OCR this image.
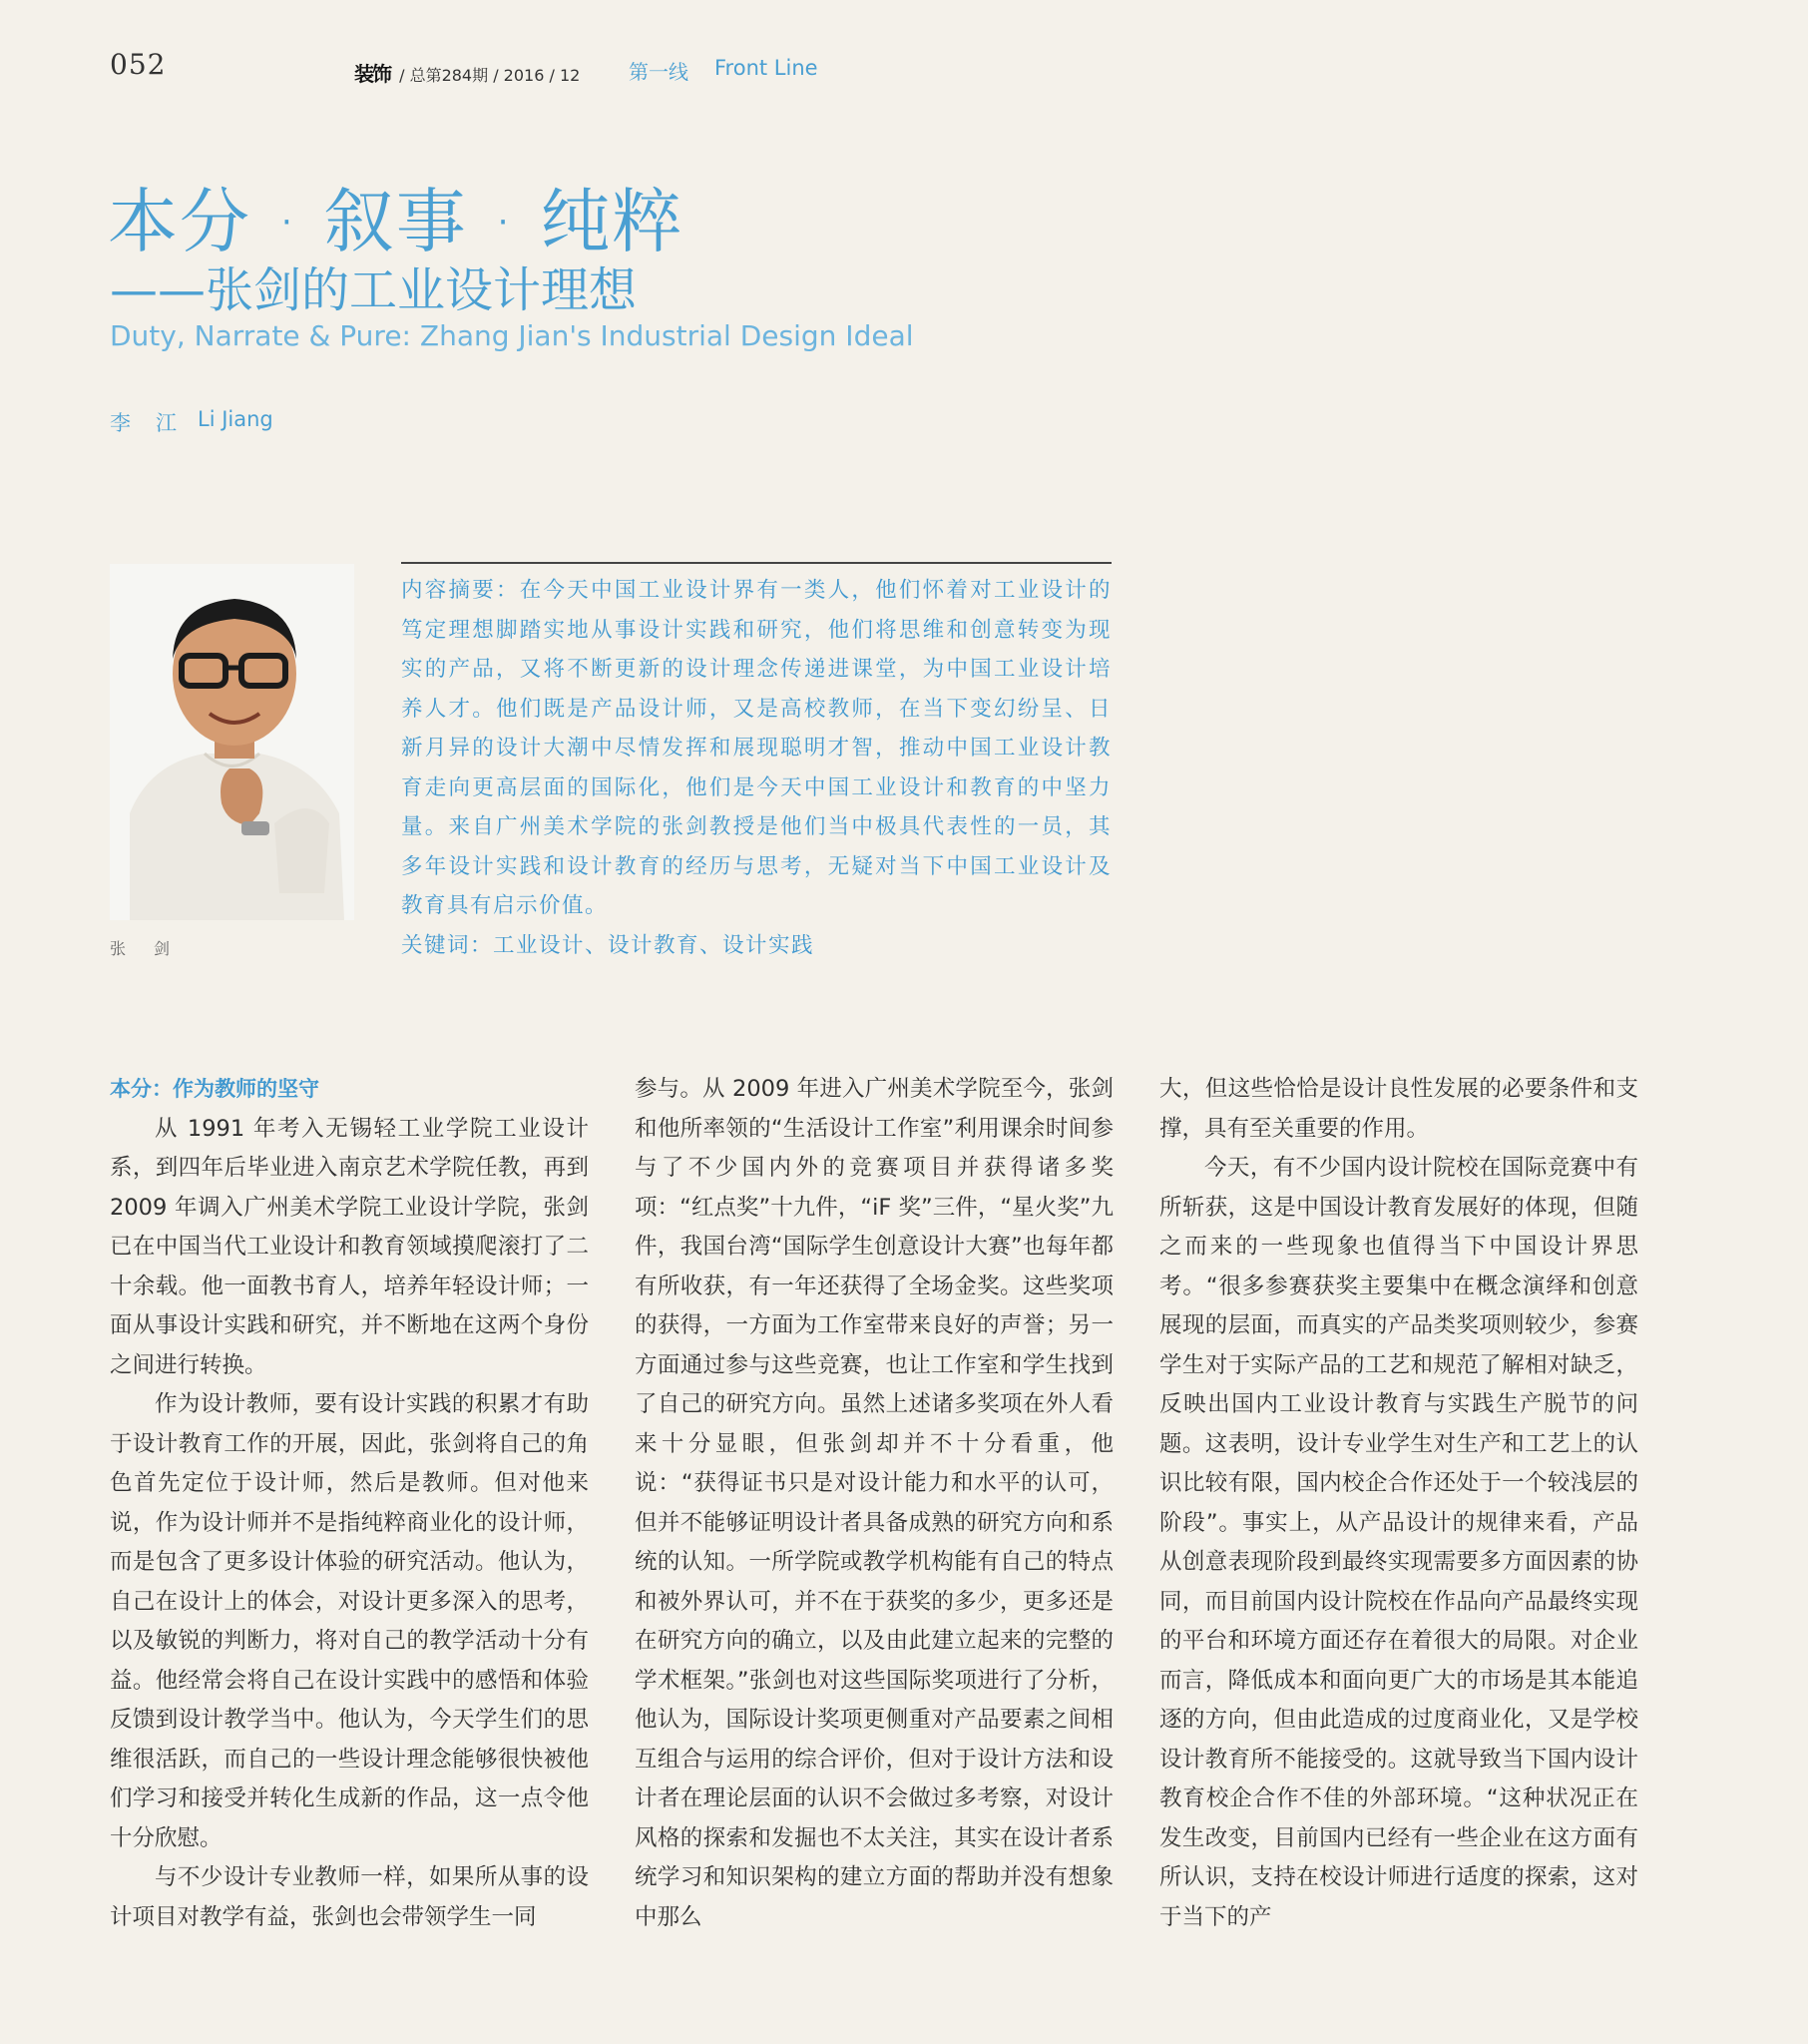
052	装饰 / 总第284期 / 2016 / 12 第一线 Front Line
本分 · 叙事 · 纯粹
——张剑的工业设计理想
Duty, Narrate & Pure: Zhang Jian's Industrial Design Ideal
李　江 Li Jiang
张　剑

内容摘要：在今天中国工业设计界有一类人，他们怀着对工业设计的笃定理想脚踏实地从事设计实践和研究，他们将思维和创意转变为现实的产品，又将不断更新的设计理念传递进课堂，为中国工业设计培养人才。他们既是产品设计师，又是高校教师，在当下变幻纷呈、日新月异的设计大潮中尽情发挥和展现聪明才智，推动中国工业设计教育走向更高层面的国际化，他们是今天中国工业设计和教育的中坚力量。来自广州美术学院的张剑教授是他们当中极具代表性的一员，其多年设计实践和设计教育的经历与思考，无疑对当下中国工业设计及教育具有启示价值。

关键词：工业设计、设计教育、设计实践

本分：作为教师的坚守

从 1991 年考入无锡轻工业学院工业设计系，到四年后毕业进入南京艺术学院任教，再到 2009 年调入广州美术学院工业设计学院，张剑已在中国当代工业设计和教育领域摸爬滚打了二十余载。他一面教书育人，培养年轻设计师；一面从事设计实践和研究，并不断地在这两个身份之间进行转换。

作为设计教师，要有设计实践的积累才有助于设计教育工作的开展，因此，张剑将自己的角色首先定位于设计师，然后是教师。但对他来说，作为设计师并不是指纯粹商业化的设计师，而是包含了更多设计体验的研究活动。他认为，自己在设计上的体会，对设计更多深入的思考，以及敏锐的判断力，将对自己的教学活动十分有益。他经常会将自己在设计实践中的感悟和体验反馈到设计教学当中。他认为，今天学生们的思维很活跃，而自己的一些设计理念能够很快被他们学习和接受并转化生成新的作品，这一点令他十分欣慰。

与不少设计专业教师一样，如果所从事的设计项目对教学有益，张剑也会带领学生一同

参与。从 2009 年进入广州美术学院至今，张剑和他所率领的“生活设计工作室”利用课余时间参与了不少国内外的竞赛项目并获得诸多奖项：“红点奖”十九件，“iF 奖”三件，“星火奖”九件，我国台湾“国际学生创意设计大赛”也每年都有所收获，有一年还获得了全场金奖。这些奖项的获得，一方面为工作室带来良好的声誉；另一方面通过参与这些竞赛，也让工作室和学生找到了自己的研究方向。虽然上述诸多奖项在外人看来十分显眼，但张剑却并不十分看重，他说：“获得证书只是对设计能力和水平的认可，但并不能够证明设计者具备成熟的研究方向和系统的认知。一所学院或教学机构能有自己的特点和被外界认可，并不在于获奖的多少，更多还是在研究方向的确立，以及由此建立起来的完整的学术框架。”张剑也对这些国际奖项进行了分析，他认为，国际设计奖项更侧重对产品要素之间相互组合与运用的综合评价，但对于设计方法和设计者在理论层面的认识不会做过多考察，对设计风格的探索和发掘也不太关注，其实在设计者系统学习和知识架构的建立方面的帮助并没有想象中那么

大，但这些恰恰是设计良性发展的必要条件和支撑，具有至关重要的作用。

今天，有不少国内设计院校在国际竞赛中有所斩获，这是中国设计教育发展好的体现，但随之而来的一些现象也值得当下中国设计界思考。“很多参赛获奖主要集中在概念演绎和创意展现的层面，而真实的产品类奖项则较少，参赛学生对于实际产品的工艺和规范了解相对缺乏，反映出国内工业设计教育与实践生产脱节的问题。这表明，设计专业学生对生产和工艺上的认识比较有限，国内校企合作还处于一个较浅层的阶段”。事实上，从产品设计的规律来看，产品从创意表现阶段到最终实现需要多方面因素的协同，而目前国内设计院校在作品向产品最终实现的平台和环境方面还存在着很大的局限。对企业而言，降低成本和面向更广大的市场是其本能追逐的方向，但由此造成的过度商业化，又是学校设计教育所不能接受的。这就导致当下国内设计教育校企合作不佳的外部环境。“这种状况正在发生改变，目前国内已经有一些企业在这方面有所认识，支持在校设计师进行适度的探索，这对于当下的产
